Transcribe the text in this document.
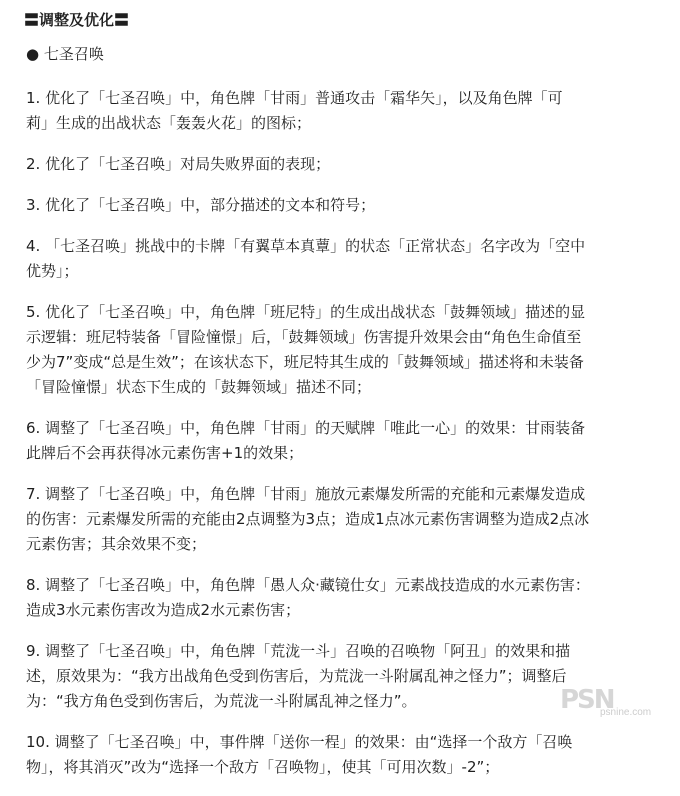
〓调整及优化〓
● 七圣召唤
1. 优化了「七圣召唤」中，角色牌「甘雨」普通攻击「霜华矢」，以及角色牌「可
莉」生成的出战状态「轰轰火花」的图标；
2. 优化了「七圣召唤」对局失败界面的表现；
3. 优化了「七圣召唤」中，部分描述的文本和符号；
4. 「七圣召唤」挑战中的卡牌「有翼草本真蕈」的状态「正常状态」名字改为「空中
优势」；
5. 优化了「七圣召唤」中，角色牌「班尼特」的生成出战状态「鼓舞领域」描述的显
示逻辑：班尼特装备「冒险憧憬」后，「鼓舞领域」伤害提升效果会由“角色生命值至
少为7”变成“总是生效”；在该状态下，班尼特其生成的「鼓舞领域」描述将和未装备
「冒险憧憬」状态下生成的「鼓舞领域」描述不同；
6. 调整了「七圣召唤」中，角色牌「甘雨」的天赋牌「唯此一心」的效果：甘雨装备
此牌后不会再获得冰元素伤害+1的效果；
7. 调整了「七圣召唤」中，角色牌「甘雨」施放元素爆发所需的充能和元素爆发造成
的伤害：元素爆发所需的充能由2点调整为3点；造成1点冰元素伤害调整为造成2点冰
元素伤害；其余效果不变；
8. 调整了「七圣召唤」中，角色牌「愚人众·藏镜仕女」元素战技造成的水元素伤害：
造成3水元素伤害改为造成2水元素伤害；
9. 调整了「七圣召唤」中，角色牌「荒泷一斗」召唤的召唤物「阿丑」的效果和描
述，原效果为：“我方出战角色受到伤害后，为荒泷一斗附属乱神之怪力”；调整后
为：“我方角色受到伤害后，为荒泷一斗附属乱神之怪力”。
10. 调整了「七圣召唤」中，事件牌「送你一程」的效果：由“选择一个敌方「召唤
物」，将其消灭”改为“选择一个敌方「召唤物」，使其「可用次数」-2”；
PSN
psnine.com
